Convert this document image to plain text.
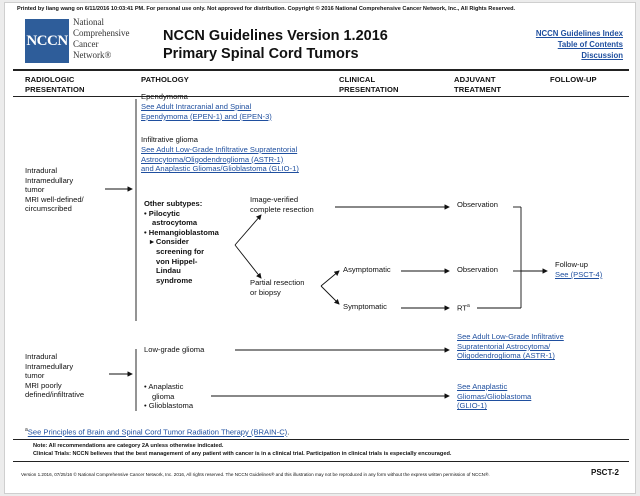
Printed by liang wang on 6/11/2016 10:03:41 PM. For personal use only. Not approved for distribution. Copyright © 2016 National Comprehensive Cancer Network, Inc., All Rights Reserved.
NCCN
National
Comprehensive
Cancer
Network®
NCCN Guidelines Version 1.2016
Primary Spinal Cord Tumors
NCCN Guidelines Index
Table of Contents
Discussion
RADIOLOGIC
PRESENTATION
PATHOLOGY	CLINICAL
PRESENTATION
ADJUVANT
TREATMENT
FOLLOW-UP
Intradural
Intramedullary
tumor
MRI well-defined/
circumscribed
Ependymoma
See Adult Intracranial and Spinal
Ependymoma (EPEN-1) and (EPEN-3)
Infiltrative glioma
See Adult Low-Grade Infiltrative Supratentorial
Astrocytoma/Oligodendroglioma (ASTR-1)
and Anaplastic Gliomas/Glioblastoma (GLIO-1)
Other subtypes:
• Pilocytic
astrocytoma
• Hemangioblastoma
▸ Consider
screening for
von Hippel-
Lindau
syndrome
Image-verified
complete resection
Partial resection
or biopsy
Asymptomatic
Symptomatic
Observation
Observation
$RT^a$
Follow-up
See (PSCT-4)
Intradural
Intramedullary
tumor
MRI poorly
defined/infiltrative
Low-grade glioma
See Adult Low-Grade Infiltrative
Supratentorial Astrocytoma/
Oligodendroglioma (ASTR-1)
• Anaplastic
glioma
• Glioblastoma
See Anaplastic
Gliomas/Glioblastoma
(GLIO-1)
$^a$See Principles of Brain and Spinal Cord Tumor Radiation Therapy (BRAIN-C).
Note: All recommendations are category 2A unless otherwise indicated.
Clinical Trials: NCCN believes that the best management of any patient with cancer is in a clinical trial. Participation in clinical trials is especially encouraged.
Version 1.2016, 07/25/16 © National Comprehensive Cancer Network, Inc. 2016, All rights reserved. The NCCN Guidelines® and this illustration may not be reproduced in any form without the express written permission of NCCN®.	PSCT-2
